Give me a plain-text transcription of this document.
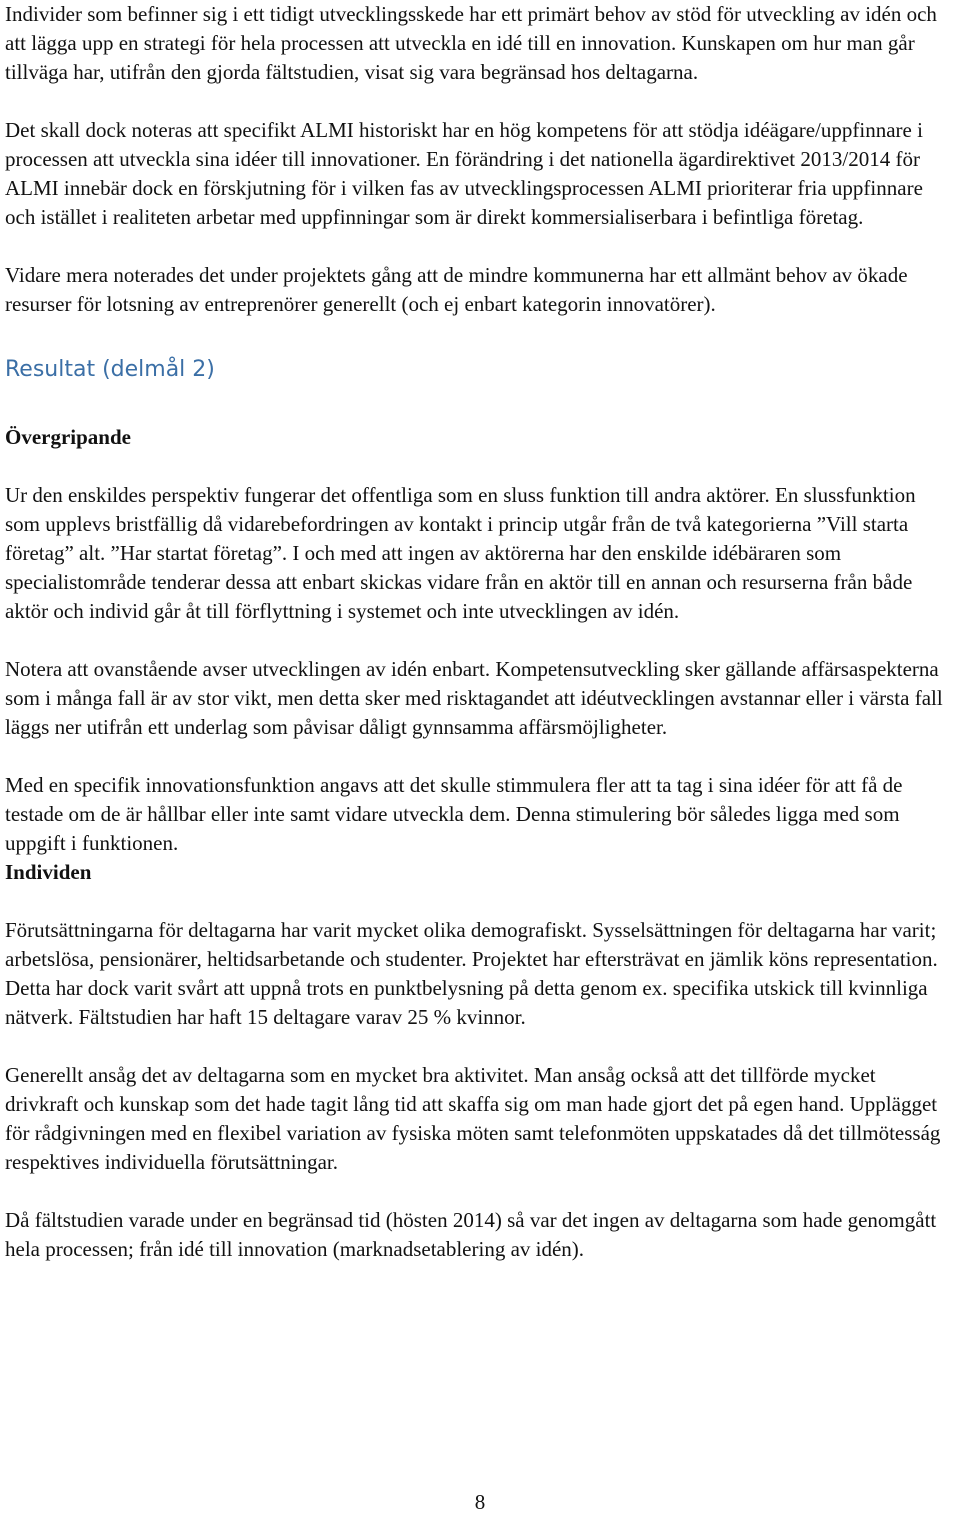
Individer som befinner sig i ett tidigt utvecklingsskede har ett primärt behov av stöd för utveckling av idén och att lägga upp en strategi för hela processen att utveckla en idé till en innovation. Kunskapen om hur man går tillväga har, utifrån den gjorda fältstudien, visat sig vara begränsad hos deltagarna.

Det skall dock noteras att specifikt ALMI historiskt har en hög kompetens för att stödja idéägare/uppfinnare i processen att utveckla sina idéer till innovationer. En förändring i det nationella ägardirektivet 2013/2014 för ALMI innebär dock en förskjutning för i vilken fas av utvecklingsprocessen ALMI prioriterar fria uppfinnare och istället i realiteten arbetar med uppfinningar som är direkt kommersialiserbara i befintliga företag.

Vidare mera noterades det under projektets gång att de mindre kommunerna har ett allmänt behov av ökade resurser för lotsning av entreprenörer generellt (och ej enbart kategorin innovatörer).

Resultat (delmål 2)
Övergripande

Ur den enskildes perspektiv fungerar det offentliga som en sluss funktion till andra aktörer. En slussfunktion som upplevs bristfällig då vidarebefordringen av kontakt i princip utgår från de två kategorierna ”Vill starta företag” alt. ”Har startat företag”. I och med att ingen av aktörerna har den enskilde idébäraren som specialistområde tenderar dessa att enbart skickas vidare från en aktör till en annan och resurserna från både aktör och individ går åt till förflyttning i systemet och inte utvecklingen av idén.

Notera att ovanstående avser utvecklingen av idén enbart. Kompetensutveckling sker gällande affärsaspekterna som i många fall är av stor vikt, men detta sker med risktagandet att idéutvecklingen avstannar eller i värsta fall läggs ner utifrån ett underlag som påvisar dåligt gynnsamma affärsmöjligheter.

Med en specifik innovationsfunktion angavs att det skulle stimmulera fler att ta tag i sina idéer för att få de testade om de är hållbar eller inte samt vidare utveckla dem. Denna stimulering bör således ligga med som uppgift i funktionen.

Individen

Förutsättningarna för deltagarna har varit mycket olika demografiskt. Sysselsättningen för deltagarna har varit; arbetslösa, pensionärer, heltidsarbetande och studenter. Projektet har eftersträvat en jämlik köns representation. Detta har dock varit svårt att uppnå trots en punktbelysning på detta genom ex. specifika utskick till kvinnliga nätverk. Fältstudien har haft 15 deltagare varav 25 % kvinnor.

Generellt ansåg det av deltagarna som en mycket bra aktivitet. Man ansåg också att det tillförde mycket drivkraft och kunskap som det hade tagit lång tid att skaffa sig om man hade gjort det på egen hand. Upplägget för rådgivningen med en flexibel variation av fysiska möten samt telefonmöten uppskatades då det tillmötesság respektives individuella förutsättningar.

Då fältstudien varade under en begränsad tid (hösten 2014) så var det ingen av deltagarna som hade genomgått hela processen; från idé till innovation (marknadsetablering av idén).

8
